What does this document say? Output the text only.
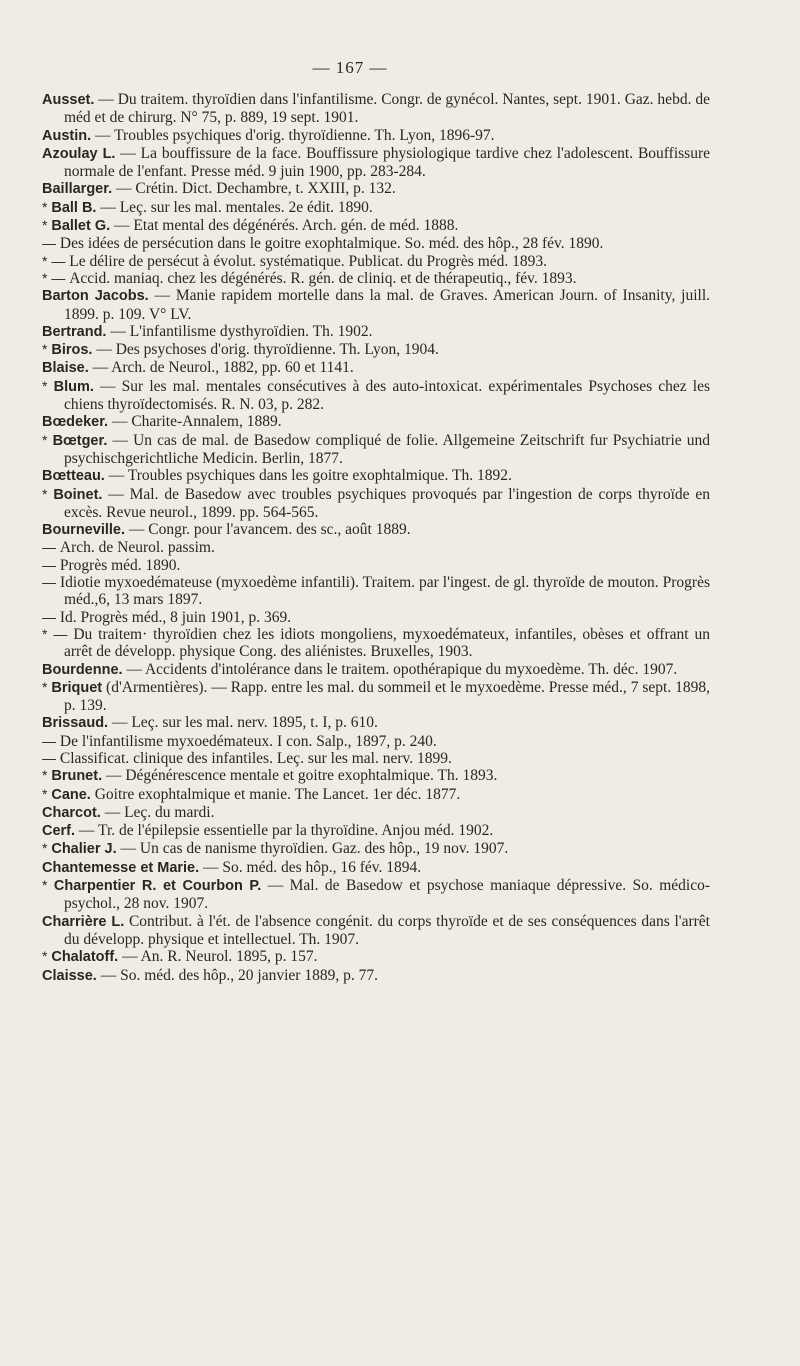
— 167 —
Ausset. — Du traitem. thyroïdien dans l'infantilisme. Congr. de gynécol. Nantes, sept. 1901. Gaz. hebd. de méd et de chirurg. N° 75, p. 889, 19 sept. 1901.
Austin. — Troubles psychiques d'orig. thyroïdienne. Th. Lyon, 1896-97.
Azoulay L. — La bouffissure de la face. Bouffissure physiologique tardive chez l'adolescent. Bouffissure normale de l'enfant. Presse méd. 9 juin 1900, pp. 283-284.
Baillarger. — Crétin. Dict. Dechambre, t. XXIII, p. 132.
* Ball B. — Leç. sur les mal. mentales. 2e édit. 1890.
* Ballet G. — Etat mental des dégénérés. Arch. gén. de méd. 1888.
— Des idées de persécution dans le goitre exophtalmique. So. méd. des hôp., 28 fév. 1890.
* — Le délire de persécut à évolut. systématique. Publicat. du Progrès méd. 1893.
* — Accid. maniaq. chez les dégénérés. R. gén. de cliniq. et de thérapeutiq., fév. 1893.
Barton Jacobs. — Manie rapidem mortelle dans la mal. de Graves. American Journ. of Insanity, juill. 1899. p. 109. V° LV.
Bertrand. — L'infantilisme dysthyroïdien. Th. 1902.
* Biros. — Des psychoses d'orig. thyroïdienne. Th. Lyon, 1904.
Blaise. — Arch. de Neurol., 1882, pp. 60 et 1141.
* Blum. — Sur les mal. mentales consécutives à des auto-intoxicat. expérimentales Psychoses chez les chiens thyroïdectomisés. R. N. 03, p. 282.
Bœdeker. — Charite-Annalem, 1889.
* Bœtger. — Un cas de mal. de Basedow compliqué de folie. Allgemeine Zeitschrift fur Psychiatrie und psychischgerichtliche Medicin. Berlin, 1877.
Bœtteau. — Troubles psychiques dans les goitre exophtalmique. Th. 1892.
* Boinet. — Mal. de Basedow avec troubles psychiques provoqués par l'ingestion de corps thyroïde en excès. Revue neurol., 1899. pp. 564-565.
Bourneville. — Congr. pour l'avancem. des sc., août 1889.
— Arch. de Neurol. passim.
— Progrès méd. 1890.
— Idiotie myxoedémateuse (myxoedème infantili). Traitem. par l'ingest. de gl. thyroïde de mouton. Progrès méd.,6, 13 mars 1897.
— Id. Progrès méd., 8 juin 1901, p. 369.
* — Du traitem· thyroïdien chez les idiots mongoliens, myxoedémateux, infantiles, obèses et offrant un arrêt de développ. physique Cong. des aliénistes. Bruxelles, 1903.
Bourdenne. — Accidents d'intolérance dans le traitem. opothérapique du myxoedème. Th. déc. 1907.
* Briquet (d'Armentières). — Rapp. entre les mal. du sommeil et le myxoedème. Presse méd., 7 sept. 1898, p. 139.
Brissaud. — Leç. sur les mal. nerv. 1895, t. I, p. 610.
— De l'infantilisme myxoedémateux. I con. Salp., 1897, p. 240.
— Classificat. clinique des infantiles. Leç. sur les mal. nerv. 1899.
* Brunet. — Dégénérescence mentale et goitre exophtalmique. Th. 1893.
* Cane. Goitre exophtalmique et manie. The Lancet. 1er déc. 1877.
Charcot. — Leç. du mardi.
Cerf. — Tr. de l'épilepsie essentielle par la thyroïdine. Anjou méd. 1902.
* Chalier J. — Un cas de nanisme thyroïdien. Gaz. des hôp., 19 nov. 1907.
Chantemesse et Marie. — So. méd. des hôp., 16 fév. 1894.
* Charpentier R. et Courbon P. — Mal. de Basedow et psychose maniaque dépressive. So. médico-psychol., 28 nov. 1907.
Charrière L. Contribut. à l'ét. de l'absence congénit. du corps thyroïde et de ses conséquences dans l'arrêt du développ. physique et intellectuel. Th. 1907.
* Chalatoff. — An. R. Neurol. 1895, p. 157.
Claisse. — So. méd. des hôp., 20 janvier 1889, p. 77.
